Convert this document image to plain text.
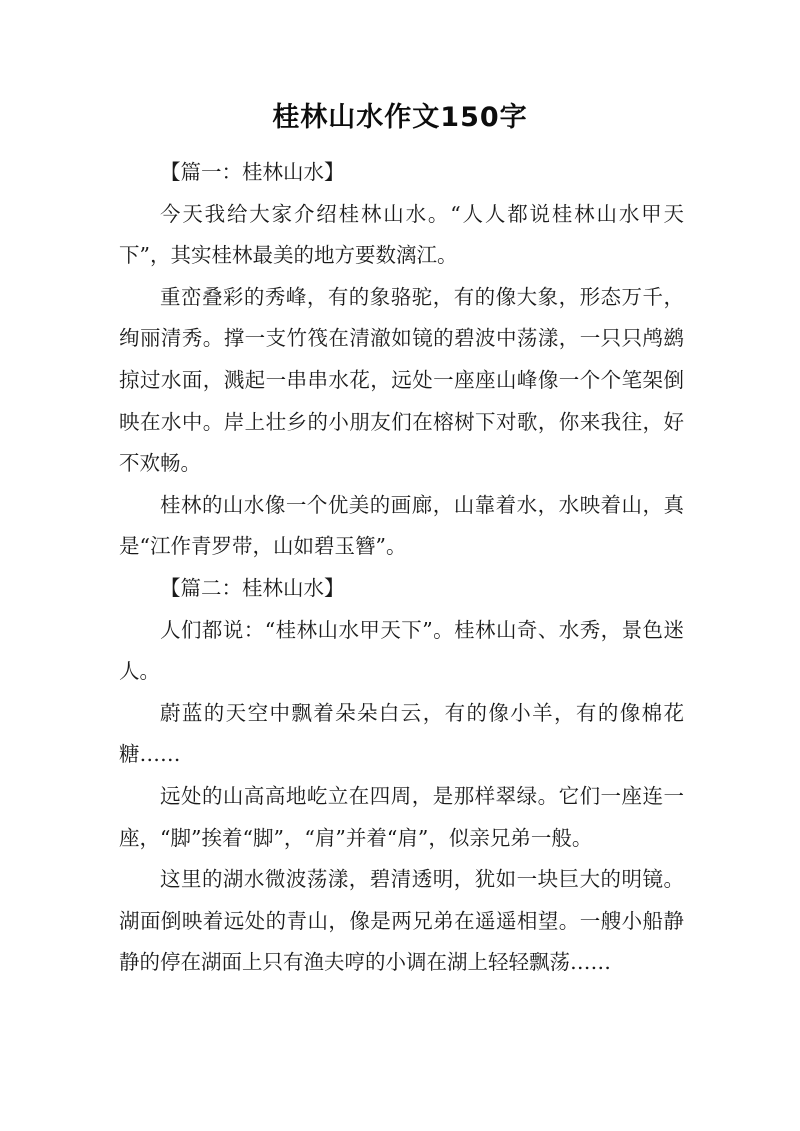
桂林山水作文150字

【篇一：桂林山水】

今天我给大家介绍桂林山水。“人人都说桂林山水甲天下”，其实桂林最美的地方要数漓江。

重峦叠彩的秀峰，有的象骆驼，有的像大象，形态万千，绚丽清秀。撑一支竹筏在清澈如镜的碧波中荡漾，一只只鸬鹚掠过水面，溅起一串串水花，远处一座座山峰像一个个笔架倒映在水中。岸上壮乡的小朋友们在榕树下对歌，你来我往，好不欢畅。

桂林的山水像一个优美的画廊，山靠着水，水映着山，真是“江作青罗带，山如碧玉簪”。

【篇二：桂林山水】

人们都说：“桂林山水甲天下”。桂林山奇、水秀，景色迷人。

蔚蓝的天空中飘着朵朵白云，有的像小羊，有的像棉花糖……

远处的山高高地屹立在四周，是那样翠绿。它们一座连一座，“脚”挨着“脚”，“肩”并着“肩”，似亲兄弟一般。

这里的湖水微波荡漾，碧清透明，犹如一块巨大的明镜。湖面倒映着远处的青山，像是两兄弟在遥遥相望。一艘小船静静的停在湖面上只有渔夫哼的小调在湖上轻轻飘荡……
